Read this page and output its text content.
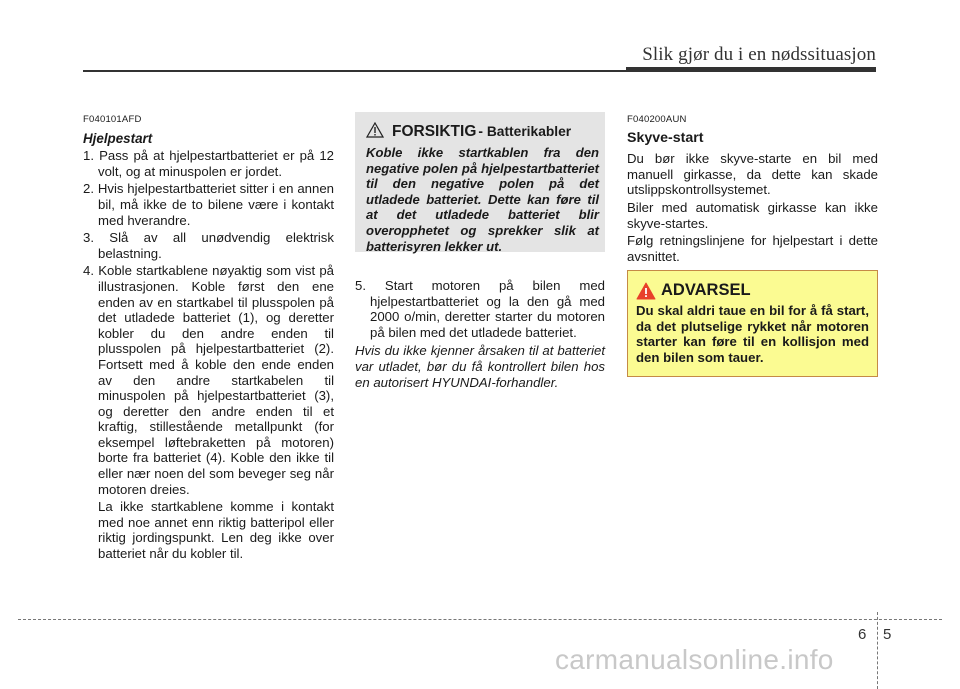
Slik gjør du i en nødssituasjon
F040101AFD
Hjelpestart
1. Pass på at hjelpestartbatteriet er på 12 volt, og at minuspolen er jordet.
2. Hvis hjelpestartbatteriet sitter i en annen bil, må ikke de to bilene være i kontakt med hverandre.
3. Slå av all unødvendig elektrisk belastning.
4. Koble startkablene nøyaktig som vist på illustrasjonen. Koble først den ene enden av en startkabel til plusspolen på det utladede batteriet (1), og deretter kobler du den andre enden til plusspolen på hjelpestartbatteriet (2). Fortsett med å koble den ende enden av den andre startkabelen til minuspolen på hjelpestartbatteriet (3), og deretter den andre enden til et kraftig, stillestående metallpunkt (for eksempel løftebraketten på motoren) borte fra batteriet (4). Koble den ikke til eller nær noen del som beveger seg når motoren dreies.
La ikke startkablene komme i kontakt med noe annet enn riktig batteripol eller riktig jordingspunkt. Len deg ikke over batteriet når du kobler til.
FORSIKTIG - Batterikabler
Koble ikke startkablen fra den negative polen på hjelpestartbatteriet til den negative polen på det utladede batteriet. Dette kan føre til at det utladede batteriet blir overopphetet og sprekker slik at batterisyren lekker ut.
5. Start motoren på bilen med hjelpestartbatteriet og la den gå med 2000 o/min, deretter starter du motoren på bilen med det utladede batteriet.
Hvis du ikke kjenner årsaken til at batteriet var utladet, bør du få kontrollert bilen hos en autorisert HYUNDAI-forhandler.
F040200AUN
Skyve-start
Du bør ikke skyve-starte en bil med manuell girkasse, da dette kan skade utslippskontrollsystemet.
Biler med automatisk girkasse kan ikke skyve-startes.
Følg retningslinjene for hjelpestart i dette avsnittet.
ADVARSEL
Du skal aldri taue en bil for å få start, da det plutselige rykket når motoren starter kan føre til en kollisjon med den bilen som tauer.
6 5
carmanualsonline.info
